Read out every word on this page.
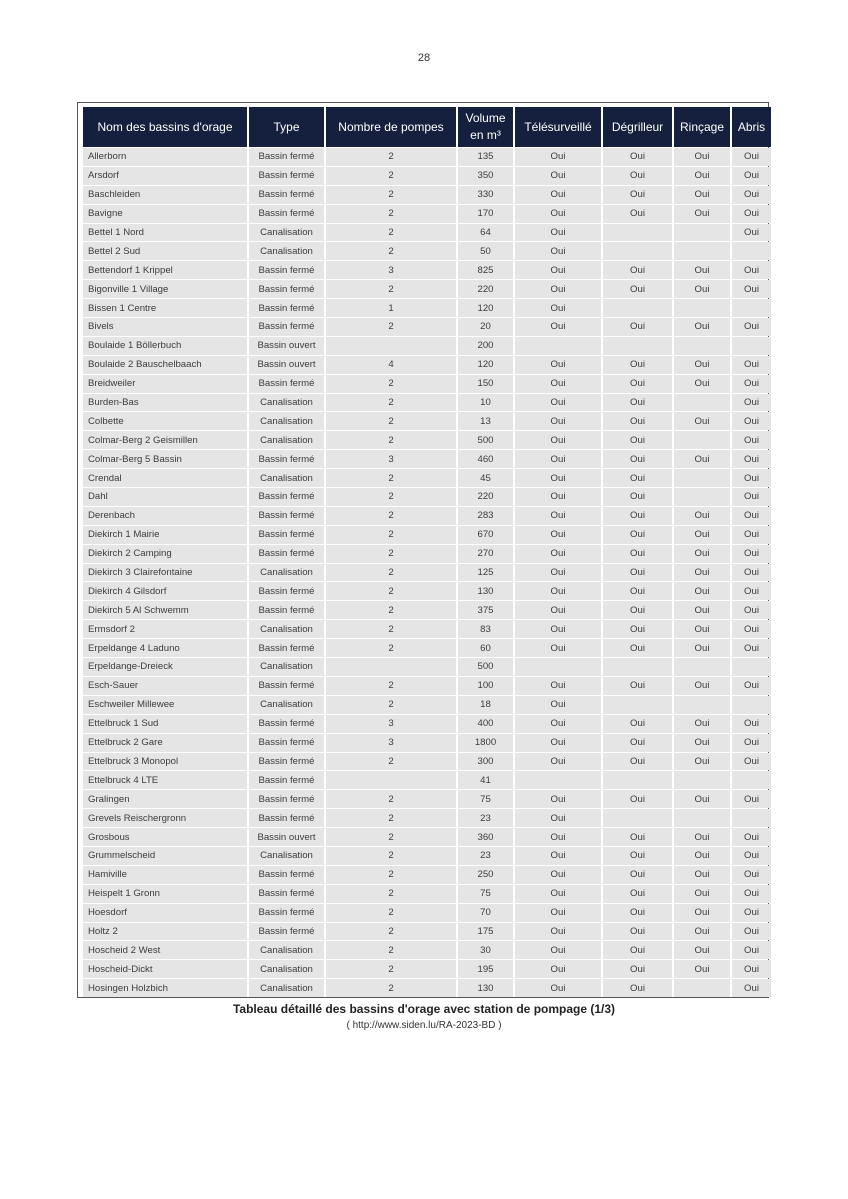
28
Nom des bassins d'orage	Type	Nombre de pompes	Volume en m³	Télésurveillé	Dégrilleur	Rinçage	Abris
Allerborn	Bassin fermé	2	135	Oui	Oui	Oui	Oui
Arsdorf	Bassin fermé	2	350	Oui	Oui	Oui	Oui
Baschleiden	Bassin fermé	2	330	Oui	Oui	Oui	Oui
Bavigne	Bassin fermé	2	170	Oui	Oui	Oui	Oui
Bettel 1 Nord	Canalisation	2	64	Oui			Oui
Bettel 2 Sud	Canalisation	2	50	Oui			
Bettendorf 1 Krippel	Bassin fermé	3	825	Oui	Oui	Oui	Oui
Bigonville 1 Village	Bassin fermé	2	220	Oui	Oui	Oui	Oui
Bissen 1 Centre	Bassin fermé	1	120	Oui			
Bivels	Bassin fermé	2	20	Oui	Oui	Oui	Oui
Boulaide 1 Böllerbuch	Bassin ouvert		200				
Boulaide 2 Bauschelbaach	Bassin ouvert	4	120	Oui	Oui	Oui	Oui
Breidweiler	Bassin fermé	2	150	Oui	Oui	Oui	Oui
Burden-Bas	Canalisation	2	10	Oui	Oui		Oui
Colbette	Canalisation	2	13	Oui	Oui	Oui	Oui
Colmar-Berg 2 Geismillen	Canalisation	2	500	Oui	Oui		Oui
Colmar-Berg 5 Bassin	Bassin fermé	3	460	Oui	Oui	Oui	Oui
Crendal	Canalisation	2	45	Oui	Oui		Oui
Dahl	Bassin fermé	2	220	Oui	Oui		Oui
Derenbach	Bassin fermé	2	283	Oui	Oui	Oui	Oui
Diekirch 1 Mairie	Bassin fermé	2	670	Oui	Oui	Oui	Oui
Diekirch 2 Camping	Bassin fermé	2	270	Oui	Oui	Oui	Oui
Diekirch 3 Clairefontaine	Canalisation	2	125	Oui	Oui	Oui	Oui
Diekirch 4 Gilsdorf	Bassin fermé	2	130	Oui	Oui	Oui	Oui
Diekirch 5 Al Schwemm	Bassin fermé	2	375	Oui	Oui	Oui	Oui
Ermsdorf 2	Canalisation	2	83	Oui	Oui	Oui	Oui
Erpeldange 4 Laduno	Bassin fermé	2	60	Oui	Oui	Oui	Oui
Erpeldange-Dreieck	Canalisation		500				
Esch-Sauer	Bassin fermé	2	100	Oui	Oui	Oui	Oui
Eschweiler Millewee	Canalisation	2	18	Oui			
Ettelbruck 1 Sud	Bassin fermé	3	400	Oui	Oui	Oui	Oui
Ettelbruck 2 Gare	Bassin fermé	3	1800	Oui	Oui	Oui	Oui
Ettelbruck 3 Monopol	Bassin fermé	2	300	Oui	Oui	Oui	Oui
Ettelbruck 4 LTE	Bassin fermé		41				
Gralingen	Bassin fermé	2	75	Oui	Oui	Oui	Oui
Grevels Reischergronn	Bassin fermé	2	23	Oui			
Grosbous	Bassin ouvert	2	360	Oui	Oui	Oui	Oui
Grummelscheid	Canalisation	2	23	Oui	Oui	Oui	Oui
Hamiville	Bassin fermé	2	250	Oui	Oui	Oui	Oui
Heispelt 1 Gronn	Bassin fermé	2	75	Oui	Oui	Oui	Oui
Hoesdorf	Bassin fermé	2	70	Oui	Oui	Oui	Oui
Holtz 2	Bassin fermé	2	175	Oui	Oui	Oui	Oui
Hoscheid 2 West	Canalisation	2	30	Oui	Oui	Oui	Oui
Hoscheid-Dickt	Canalisation	2	195	Oui	Oui	Oui	Oui
Hosingen Holzbich	Canalisation	2	130	Oui	Oui		Oui
Tableau détaillé des bassins d'orage avec station de pompage (1/3)
( http://www.siden.lu/RA-2023-BD )
